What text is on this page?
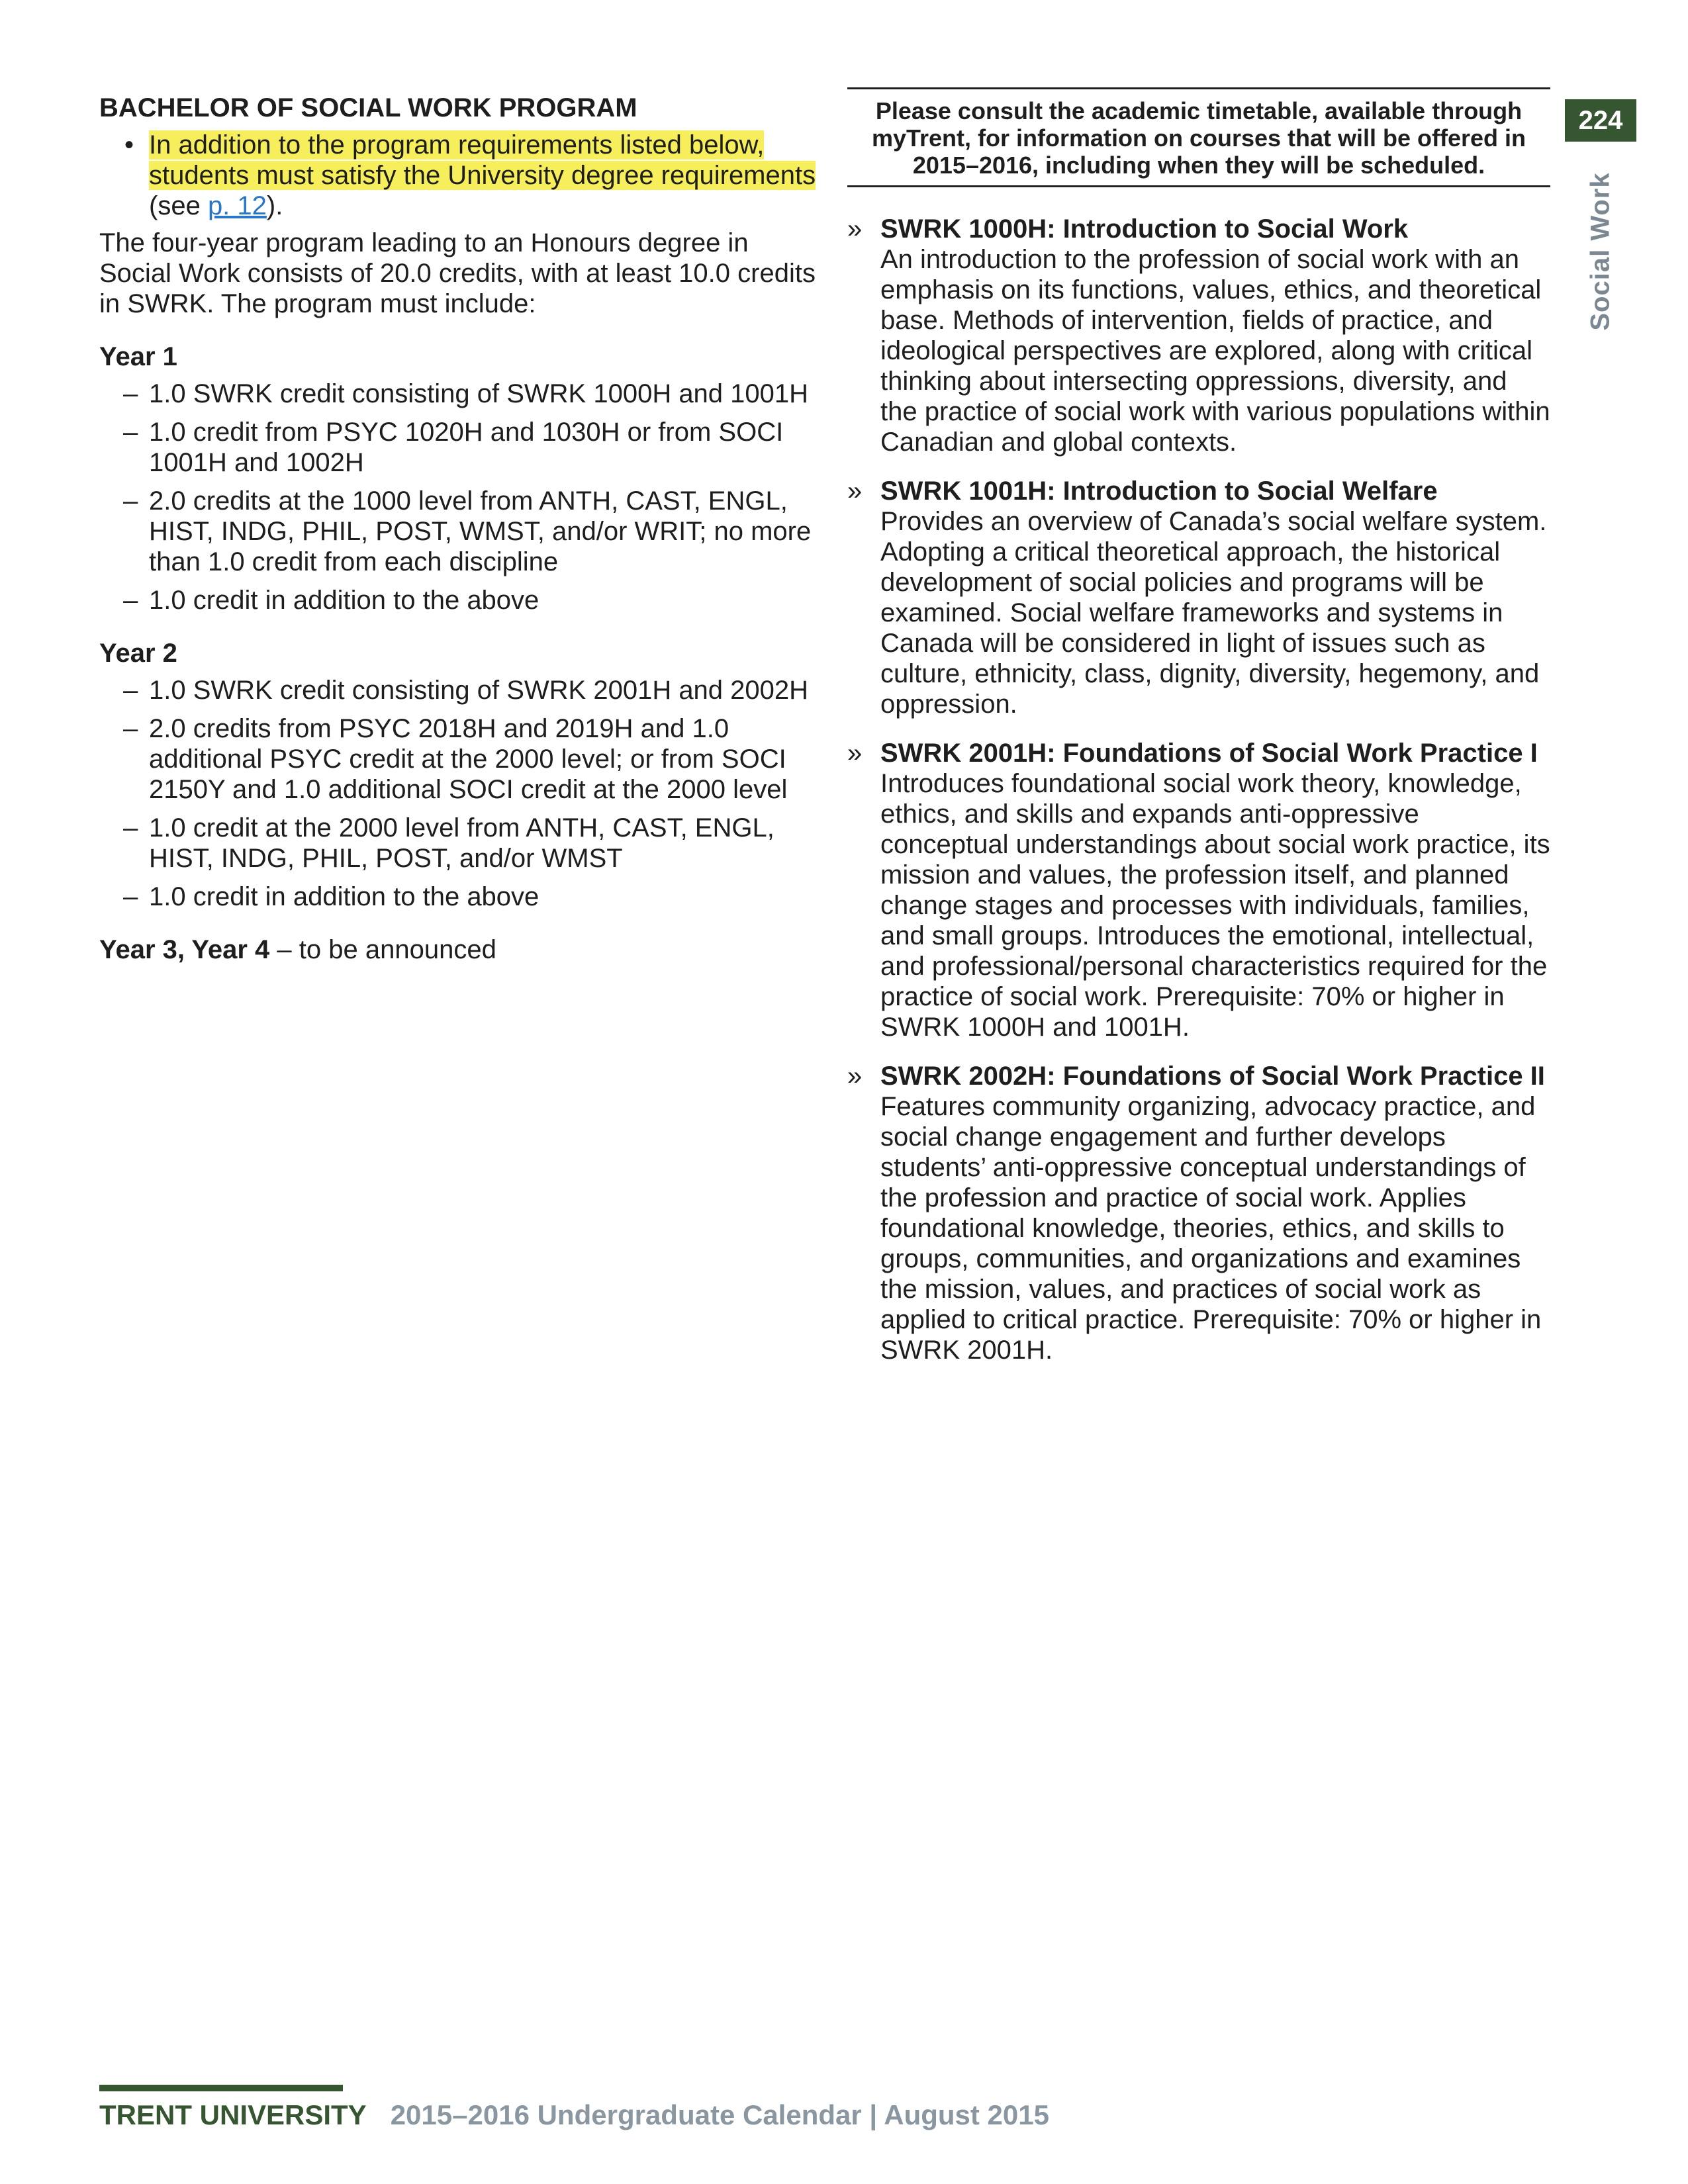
BACHELOR OF SOCIAL WORK PROGRAM
• In addition to the program requirements listed below, students must satisfy the University degree requirements (see p. 12).

The four-year program leading to an Honours degree in Social Work consists of 20.0 credits, with at least 10.0 credits in SWRK. The program must include:

Year 1
– 1.0 SWRK credit consisting of SWRK 1000H and 1001H
– 1.0 credit from PSYC 1020H and 1030H or from SOCI 1001H and 1002H
– 2.0 credits at the 1000 level from ANTH, CAST, ENGL, HIST, INDG, PHIL, POST, WMST, and/or WRIT; no more than 1.0 credit from each discipline
– 1.0 credit in addition to the above
Year 2
– 1.0 SWRK credit consisting of SWRK 2001H and 2002H
– 2.0 credits from PSYC 2018H and 2019H and 1.0 additional PSYC credit at the 2000 level; or from SOCI 2150Y and 1.0 additional SOCI credit at the 2000 level
– 1.0 credit at the 2000 level from ANTH, CAST, ENGL, HIST, INDG, PHIL, POST, and/or WMST
– 1.0 credit in addition to the above

Year 3, Year 4 – to be announced

Please consult the academic timetable, available through myTrent, for information on courses that will be offered in 2015–2016, including when they will be scheduled.
» SWRK 1000H: Introduction to Social Work
An introduction to the profession of social work with an emphasis on its functions, values, ethics, and theoretical base. Methods of intervention, fields of practice, and ideological perspectives are explored, along with critical thinking about intersecting oppressions, diversity, and the practice of social work with various populations within Canadian and global contexts.
» SWRK 1001H: Introduction to Social Welfare
Provides an overview of Canada’s social welfare system. Adopting a critical theoretical approach, the historical development of social policies and programs will be examined. Social welfare frameworks and systems in Canada will be considered in light of issues such as culture, ethnicity, class, dignity, diversity, hegemony, and oppression.
» SWRK 2001H: Foundations of Social Work Practice I
Introduces foundational social work theory, knowledge, ethics, and skills and expands anti-oppressive conceptual understandings about social work practice, its mission and values, the profession itself, and planned change stages and processes with individuals, families, and small groups. Introduces the emotional, intellectual, and professional/personal characteristics required for the practice of social work. Prerequisite: 70% or higher in SWRK 1000H and 1001H.
» SWRK 2002H: Foundations of Social Work Practice II
Features community organizing, advocacy practice, and social change engagement and further develops students’ anti-oppressive conceptual understandings of the profession and practice of social work. Applies foundational knowledge, theories, ethics, and skills to groups, communities, and organizations and examines the mission, values, and practices of social work as applied to critical practice. Prerequisite: 70% or higher in SWRK 2001H.
224
Social Work
TRENT UNIVERSITY 2015–2016 Undergraduate Calendar | August 2015
